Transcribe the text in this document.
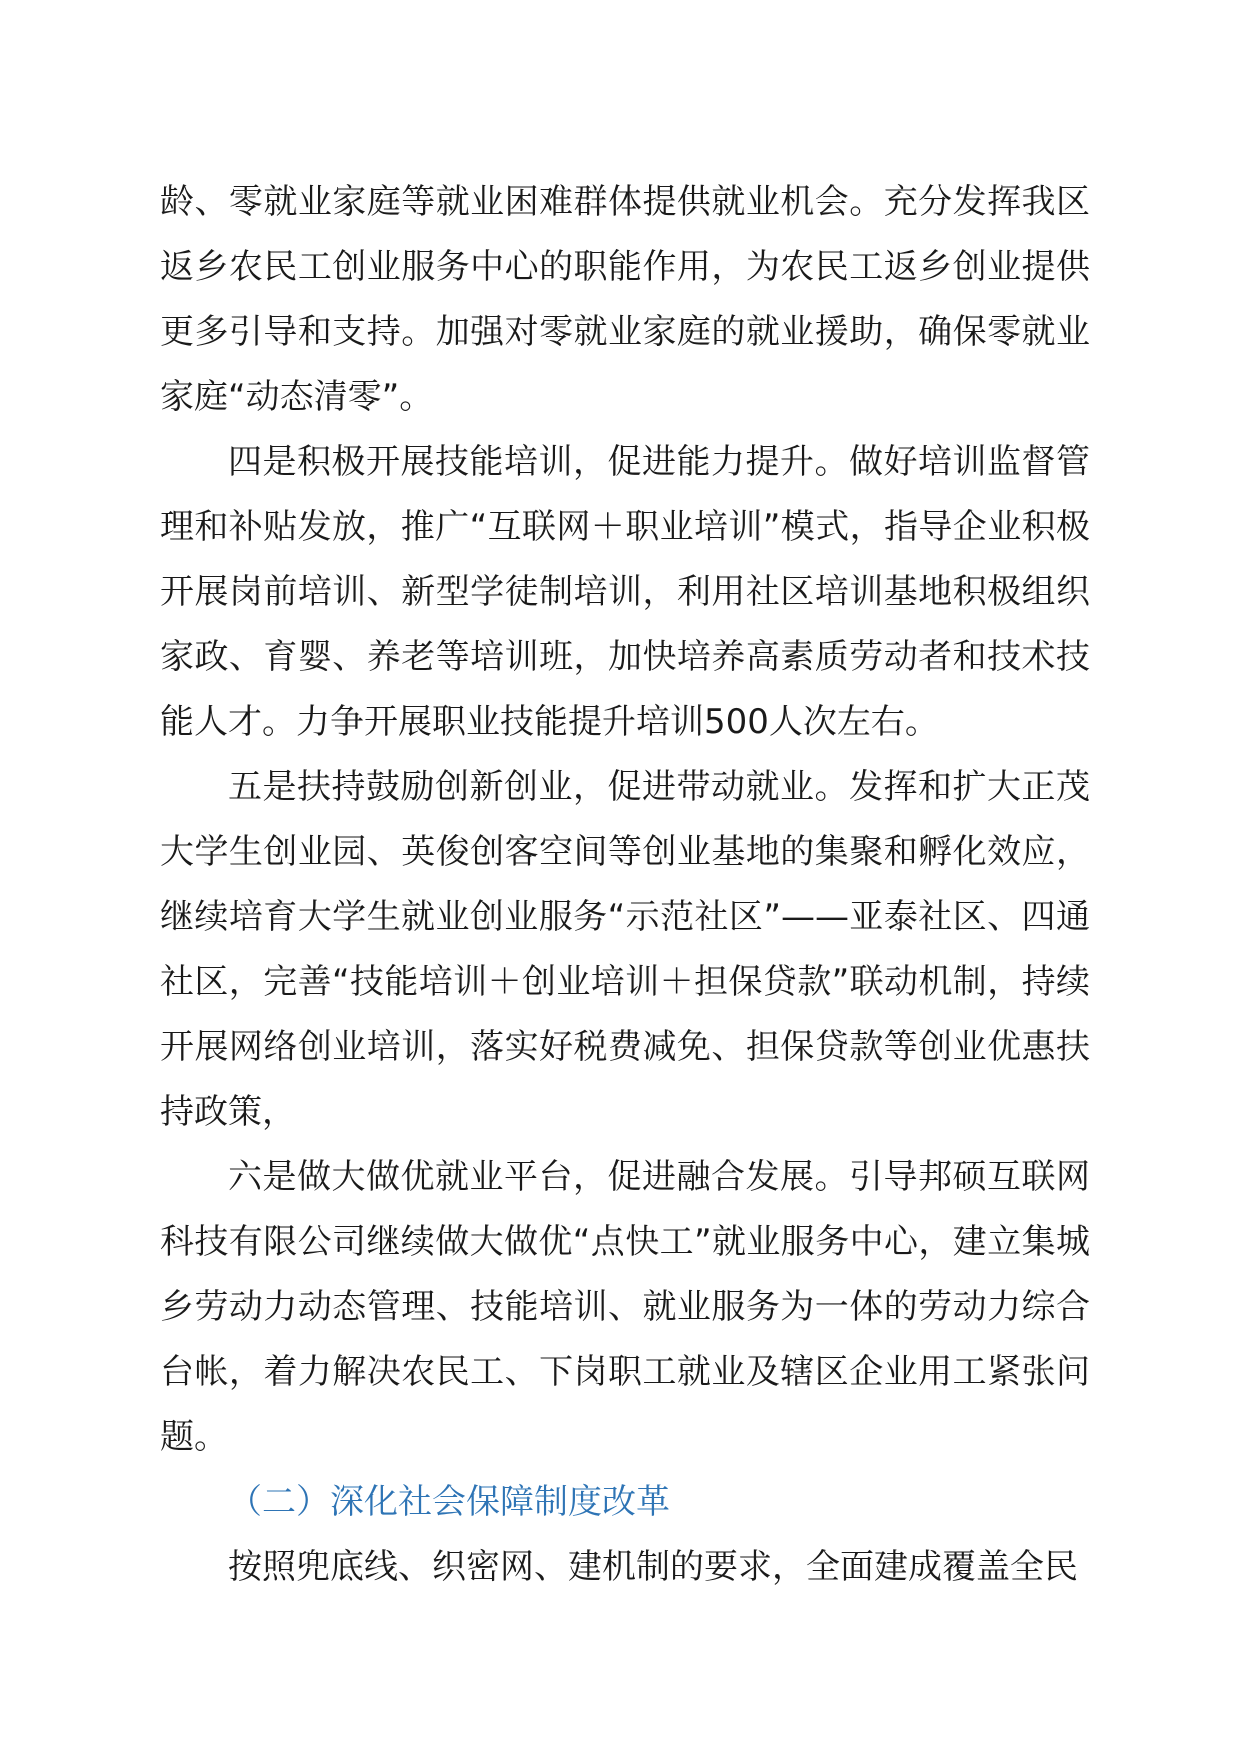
龄、零就业家庭等就业困难群体提供就业机会。充分发挥我区返乡农民工创业服务中心的职能作用，为农民工返乡创业提供更多引导和支持。加强对零就业家庭的就业援助，确保零就业家庭“动态清零”。

四是积极开展技能培训，促进能力提升。做好培训监督管理和补贴发放，推广“互联网＋职业培训”模式，指导企业积极开展岗前培训、新型学徒制培训，利用社区培训基地积极组织家政、育婴、养老等培训班，加快培养高素质劳动者和技术技能人才。力争开展职业技能提升培训500人次左右。

五是扶持鼓励创新创业，促进带动就业。发挥和扩大正茂大学生创业园、英俊创客空间等创业基地的集聚和孵化效应，继续培育大学生就业创业服务“示范社区”——亚泰社区、四通社区，完善“技能培训＋创业培训＋担保贷款”联动机制，持续开展网络创业培训，落实好税费减免、担保贷款等创业优惠扶持政策，

六是做大做优就业平台，促进融合发展。引导邦硕互联网科技有限公司继续做大做优“点快工”就业服务中心，建立集城乡劳动力动态管理、技能培训、就业服务为一体的劳动力综合台帐，着力解决农民工、下岗职工就业及辖区企业用工紧张问题。

（二）深化社会保障制度改革

按照兜底线、织密网、建机制的要求，全面建成覆盖全民
